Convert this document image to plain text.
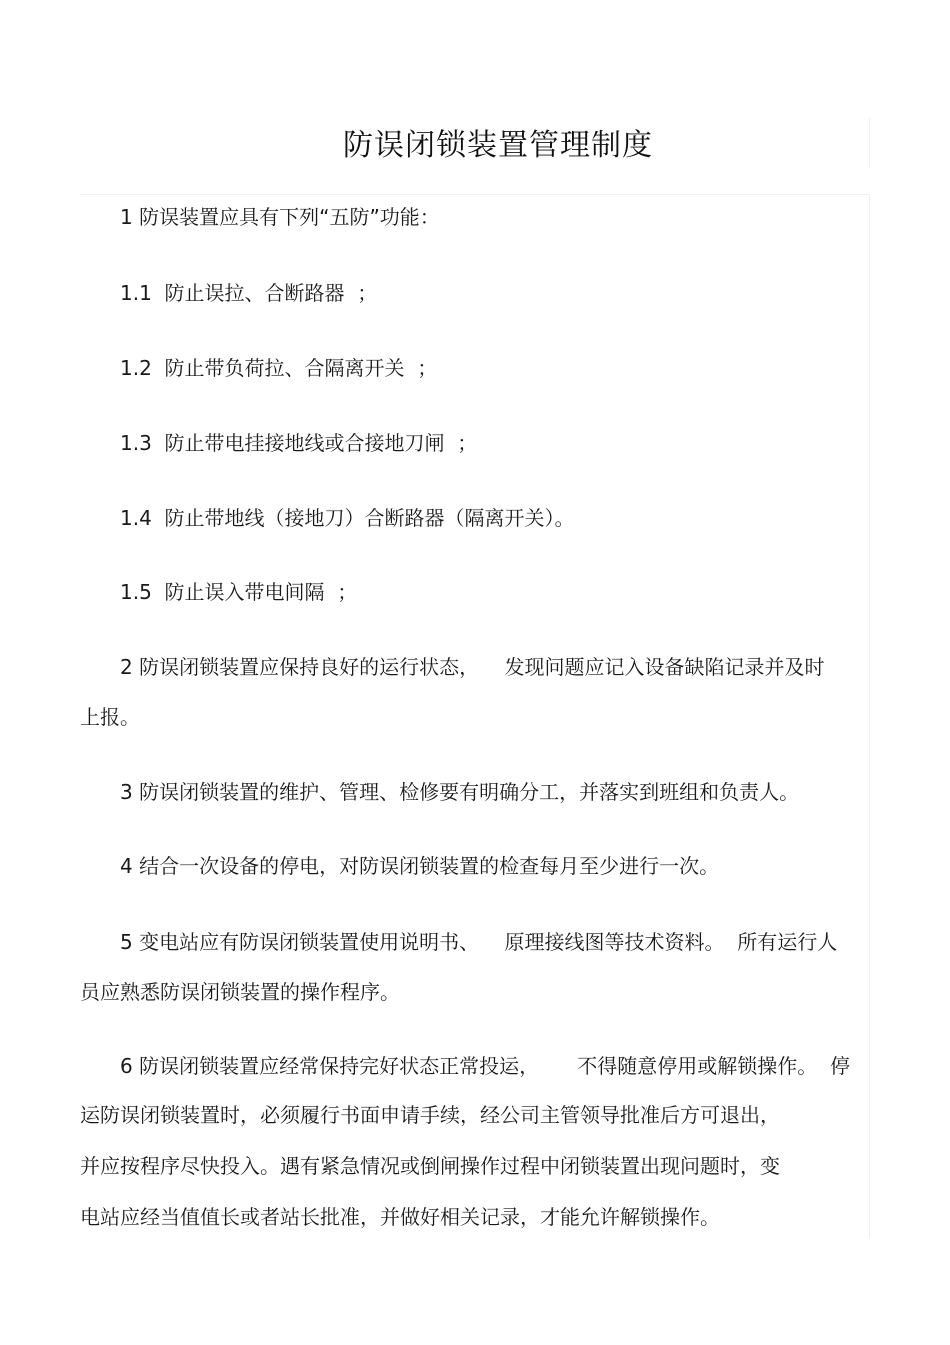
防误闭锁装置管理制度
1 防误装置应具有下列“五防”功能：
1.1  防止误拉、合断路器  ；
1.2  防止带负荷拉、合隔离开关  ；
1.3  防止带电挂接地线或合接地刀闸  ；
1.4  防止带地线（接地刀）合断路器（隔离开关）。
1.5  防止误入带电间隔  ；
2 防误闭锁装置应保持良好的运行状态，    发现问题应记入设备缺陷记录并及时
上报。
3 防误闭锁装置的维护、管理、检修要有明确分工，并落实到班组和负责人。
4 结合一次设备的停电，对防误闭锁装置的检查每月至少进行一次。
5 变电站应有防误闭锁装置使用说明书、    原理接线图等技术资料。  所有运行人
员应熟悉防误闭锁装置的操作程序。
6 防误闭锁装置应经常保持完好状态正常投运，      不得随意停用或解锁操作。  停
运防误闭锁装置时，必须履行书面申请手续，经公司主管领导批准后方可退出，
并应按程序尽快投入。遇有紧急情况或倒闸操作过程中闭锁装置出现问题时，变
电站应经当值值长或者站长批准，并做好相关记录，才能允许解锁操作。
